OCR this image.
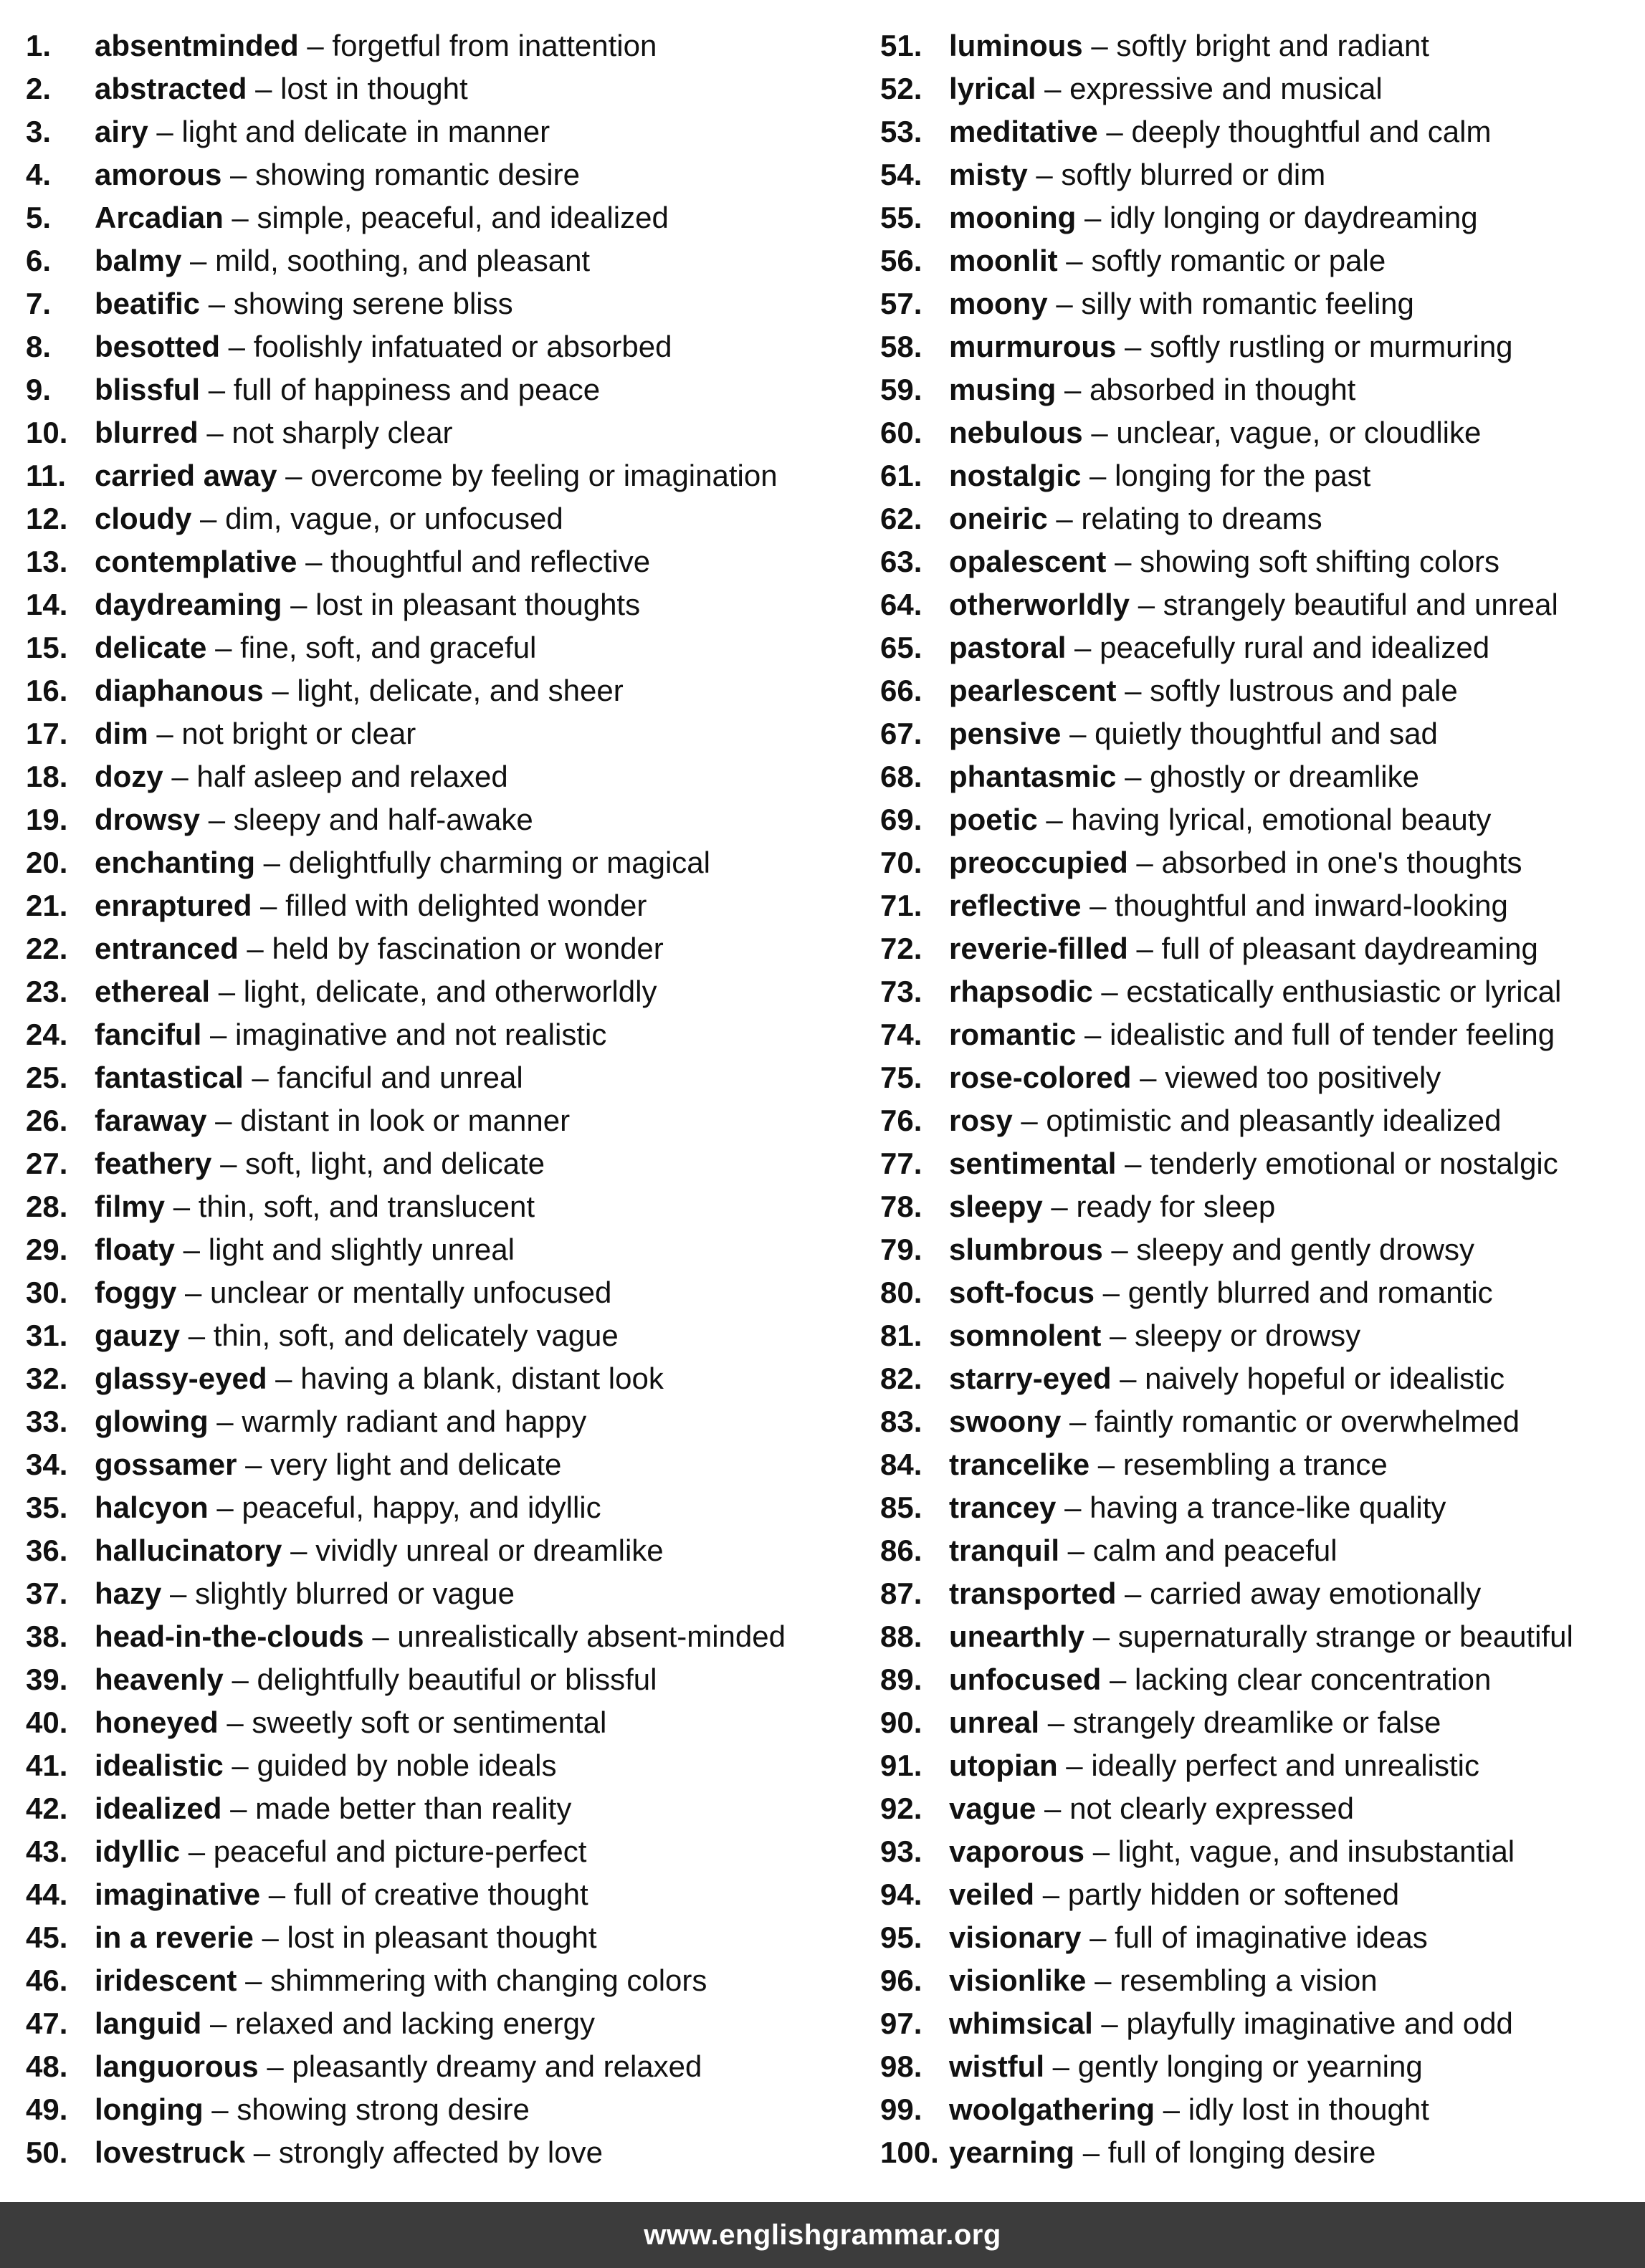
1.	absentminded – forgetful from inattention
2.	abstracted – lost in thought
3.	airy – light and delicate in manner
4.	amorous – showing romantic desire
5.	Arcadian – simple, peaceful, and idealized
6.	balmy – mild, soothing, and pleasant
7.	beatific – showing serene bliss
8.	besotted – foolishly infatuated or absorbed
9.	blissful – full of happiness and peace
10. blurred – not sharply clear
11. carried away – overcome by feeling or imagination
12. cloudy – dim, vague, or unfocused
13. contemplative – thoughtful and reflective
14. daydreaming – lost in pleasant thoughts
15. delicate – fine, soft, and graceful
16. diaphanous – light, delicate, and sheer
17. dim – not bright or clear
18. dozy – half asleep and relaxed
19. drowsy – sleepy and half-awake
20. enchanting – delightfully charming or magical
21. enraptured – filled with delighted wonder
22. entranced – held by fascination or wonder
23. ethereal – light, delicate, and otherworldly
24. fanciful – imaginative and not realistic
25. fantastical – fanciful and unreal
26. faraway – distant in look or manner
27. feathery – soft, light, and delicate
28. filmy – thin, soft, and translucent
29. floaty – light and slightly unreal
30. foggy – unclear or mentally unfocused
31. gauzy – thin, soft, and delicately vague
32. glassy-eyed – having a blank, distant look
33. glowing – warmly radiant and happy
34. gossamer – very light and delicate
35. halcyon – peaceful, happy, and idyllic
36. hallucinatory – vividly unreal or dreamlike
37. hazy – slightly blurred or vague
38. head-in-the-clouds – unrealistically absent-minded
39. heavenly – delightfully beautiful or blissful
40. honeyed – sweetly soft or sentimental
41. idealistic – guided by noble ideals
42. idealized – made better than reality
43. idyllic – peaceful and picture-perfect
44. imaginative – full of creative thought
45. in a reverie – lost in pleasant thought
46. iridescent – shimmering with changing colors
47. languid – relaxed and lacking energy
48. languorous – pleasantly dreamy and relaxed
49. longing – showing strong desire
50. lovestruck – strongly affected by love
51. luminous – softly bright and radiant
52. lyrical – expressive and musical
53. meditative – deeply thoughtful and calm
54. misty – softly blurred or dim
55. mooning – idly longing or daydreaming
56. moonlit – softly romantic or pale
57. moony – silly with romantic feeling
58. murmurous – softly rustling or murmuring
59. musing – absorbed in thought
60. nebulous – unclear, vague, or cloudlike
61. nostalgic – longing for the past
62. oneiric – relating to dreams
63. opalescent – showing soft shifting colors
64. otherworldly – strangely beautiful and unreal
65. pastoral – peacefully rural and idealized
66. pearlescent – softly lustrous and pale
67. pensive – quietly thoughtful and sad
68. phantasmic – ghostly or dreamlike
69. poetic – having lyrical, emotional beauty
70. preoccupied – absorbed in one's thoughts
71. reflective – thoughtful and inward-looking
72. reverie-filled – full of pleasant daydreaming
73. rhapsodic – ecstatically enthusiastic or lyrical
74. romantic – idealistic and full of tender feeling
75. rose-colored – viewed too positively
76. rosy – optimistic and pleasantly idealized
77. sentimental – tenderly emotional or nostalgic
78. sleepy – ready for sleep
79. slumbrous – sleepy and gently drowsy
80. soft-focus – gently blurred and romantic
81. somnolent – sleepy or drowsy
82. starry-eyed – naively hopeful or idealistic
83. swoony – faintly romantic or overwhelmed
84. trancelike – resembling a trance
85. trancey – having a trance-like quality
86. tranquil – calm and peaceful
87. transported – carried away emotionally
88. unearthly – supernaturally strange or beautiful
89. unfocused – lacking clear concentration
90. unreal – strangely dreamlike or false
91. utopian – ideally perfect and unrealistic
92. vague – not clearly expressed
93. vaporous – light, vague, and insubstantial
94. veiled – partly hidden or softened
95. visionary – full of imaginative ideas
96. visionlike – resembling a vision
97. whimsical – playfully imaginative and odd
98. wistful – gently longing or yearning
99. woolgathering – idly lost in thought
100. yearning – full of longing desire
www.englishgrammar.org
